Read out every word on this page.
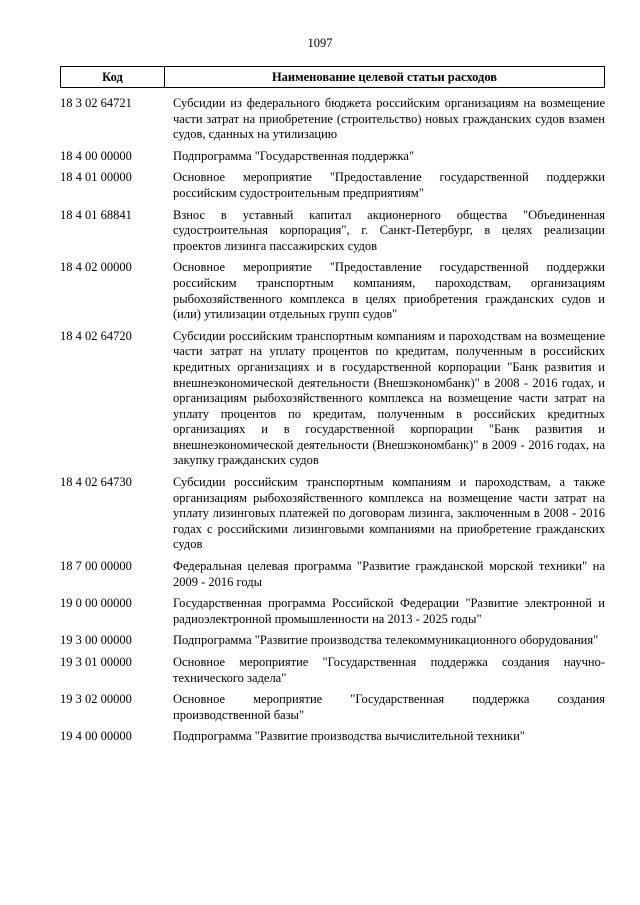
1097
Код	Наименование целевой статьи расходов
18 3 02 64721	Субсидии из федерального бюджета российским организациям на возмещение части затрат на приобретение (строительство) новых гражданских судов взамен судов, сданных на утилизацию
18 4 00 00000	Подпрограмма "Государственная поддержка"
18 4 01 00000	Основное мероприятие "Предоставление государственной поддержки российским судостроительным предприятиям"
18 4 01 68841	Взнос в уставный капитал акционерного общества "Объединенная судостроительная корпорация", г. Санкт-Петербург, в целях реализации проектов лизинга пассажирских судов
18 4 02 00000	Основное мероприятие "Предоставление государственной поддержки российским транспортным компаниям, пароходствам, организациям рыбохозяйственного комплекса в целях приобретения гражданских судов и (или) утилизации отдельных групп судов"
18 4 02 64720	Субсидии российским транспортным компаниям и пароходствам на возмещение части затрат на уплату процентов по кредитам, полученным в российских кредитных организациях и в государственной корпорации "Банк развития и внешнеэкономической деятельности (Внешэкономбанк)" в 2008 - 2016 годах, и организациям рыбохозяйственного комплекса на возмещение части затрат на уплату процентов по кредитам, полученным в российских кредитных организациях и в государственной корпорации "Банк развития и внешнеэкономической деятельности (Внешэкономбанк)" в 2009 - 2016 годах, на закупку гражданских судов
18 4 02 64730	Субсидии российским транспортным компаниям и пароходствам, а также организациям рыбохозяйственного комплекса на возмещение части затрат на уплату лизинговых платежей по договорам лизинга, заключенным в 2008 - 2016 годах с российскими лизинговыми компаниями на приобретение гражданских судов
18 7 00 00000	Федеральная целевая программа "Развитие гражданской морской техники" на 2009 - 2016 годы
19 0 00 00000	Государственная программа Российской Федерации "Развитие электронной и радиоэлектронной промышленности на 2013 - 2025 годы"
19 3 00 00000	Подпрограмма "Развитие производства телекоммуникационного оборудования"
19 3 01 00000	Основное мероприятие "Государственная поддержка создания научно-технического задела"
19 3 02 00000	Основное мероприятие "Государственная поддержка создания производственной базы"
19 4 00 00000	Подпрограмма "Развитие производства вычислительной техники"
